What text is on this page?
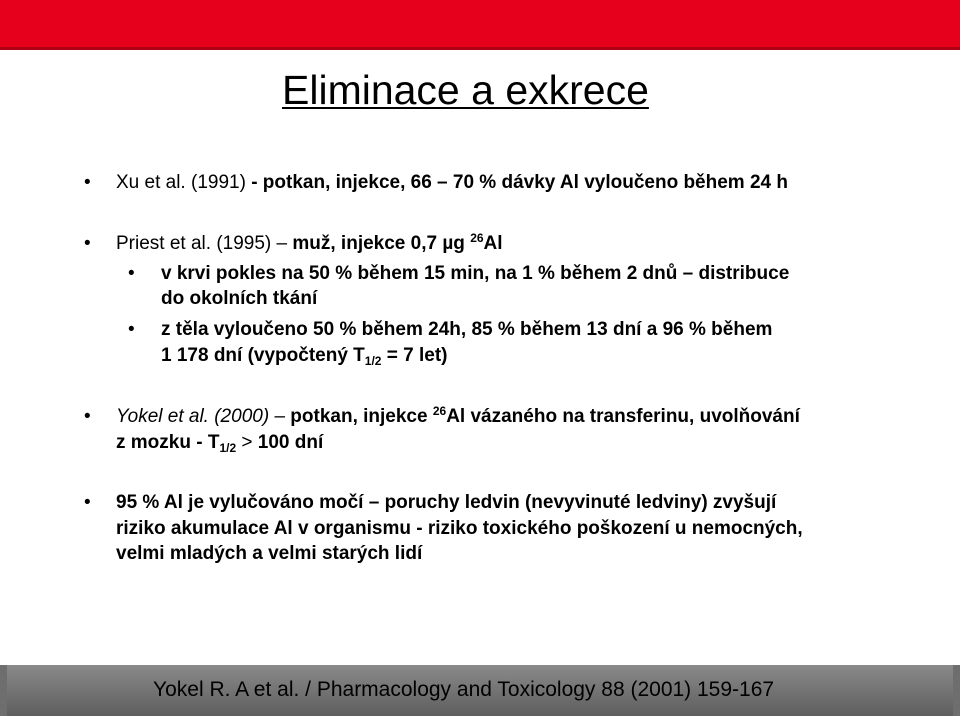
Eliminace a exkrece
• Xu et al. (1991) - potkan, injekce, 66 – 70 % dávky Al vyloučeno během 24 h
• Priest et al. (1995) – muž, injekce 0,7 µg $^{26}$Al
• v krvi pokles na 50 % během 15 min, na 1 % během 2 dnů – distribuce
do okolních tkání
• z těla vyloučeno 50 % během 24h, 85 % během 13 dní a 96 % během
1 178 dní (vypočtený $T_{1/2} = 7$ let)
• Yokel et al. (2000) – potkan, injekce $^{26}$Al vázaného na transferinu, uvolňování
z mozku - $T_{1/2} > 100$ dní
• 95 % Al je vylučováno močí – poruchy ledvin (nevyvinuté ledviny) zvyšují
riziko akumulace Al v organismu - riziko toxického poškození u nemocných,
velmi mladých a velmi starých lidí
Yokel R. A et al. / Pharmacology and Toxicology 88 (2001) 159-167
